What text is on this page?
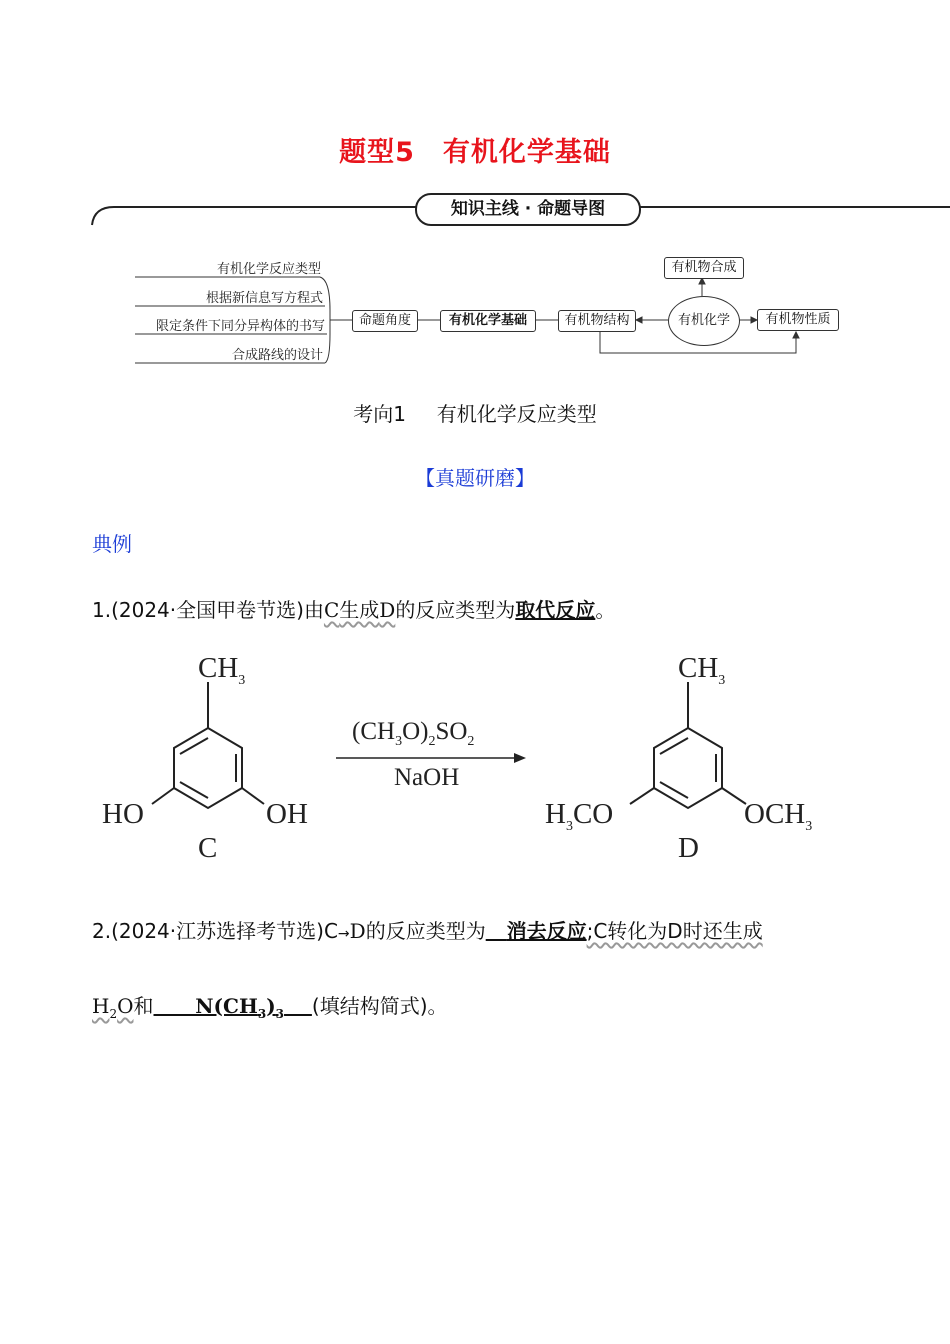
题型5　有机化学基础
知识主线 · 命题导图
有机化学反应类型
根据新信息写方程式
限定条件下同分异构体的书写
合成路线的设计
命题角度	有机化学基础	有机物结构	有机化学
有机物合成
有机物性质
考向1 有机化学反应类型
【真题研磨】
典例
1.(2024·全国甲卷节选)由C生成D的反应类型为取代反应。
$CH_3$
HO	OH
C
$(CH_3O)_2SO_2$
NaOH
$CH_3$
$H_3CO$	$OCH_3$
D
2.(2024·江苏选择考节选)C→D的反应类型为 消去反应;C转化为D时还生成
$H_2O$和      $N(CH_3)_3$ (填结构简式)。
